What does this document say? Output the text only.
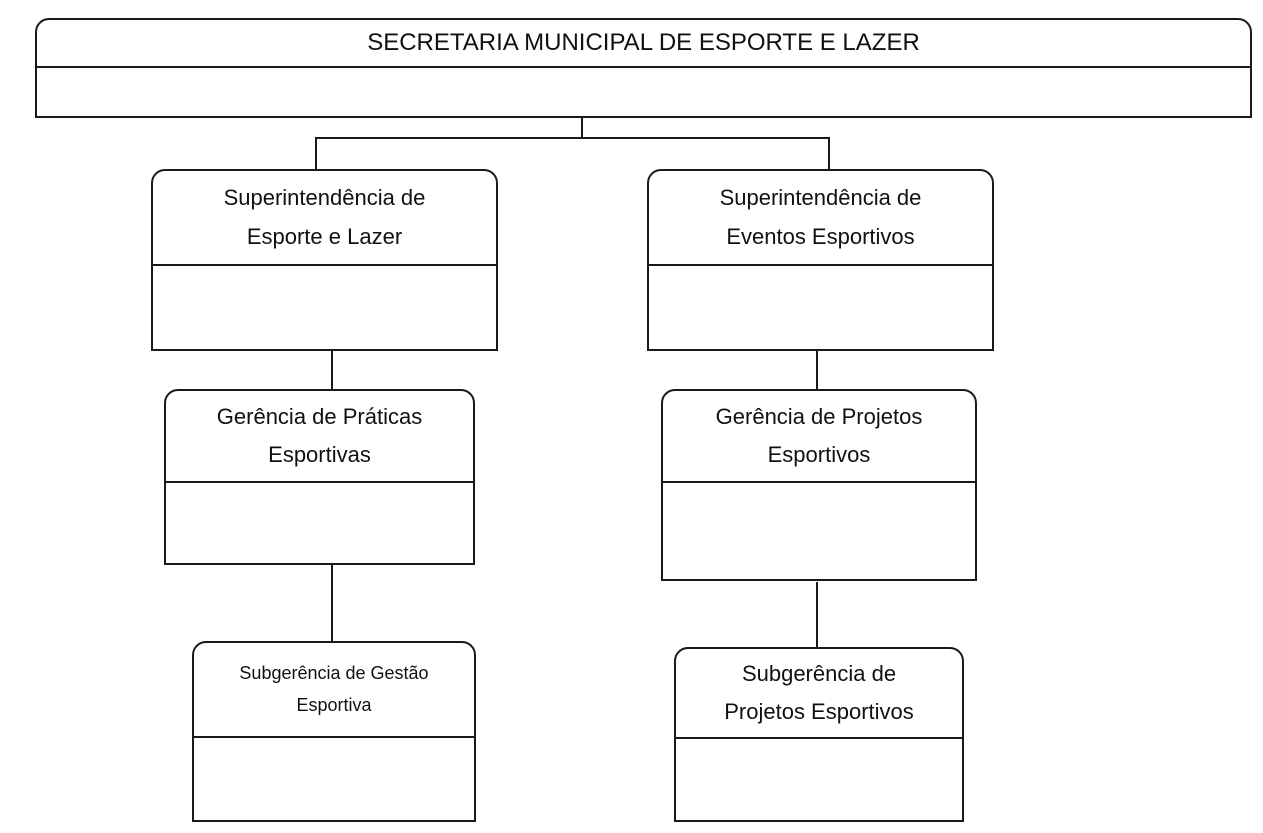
SECRETARIA MUNICIPAL DE ESPORTE E LAZER
Superintendência de
Esporte e Lazer
Gerência de Práticas
Esportivas
Subgerência de Gestão
Esportiva
Superintendência de
Eventos Esportivos
Gerência de Projetos
Esportivos
Subgerência de
Projetos Esportivos
